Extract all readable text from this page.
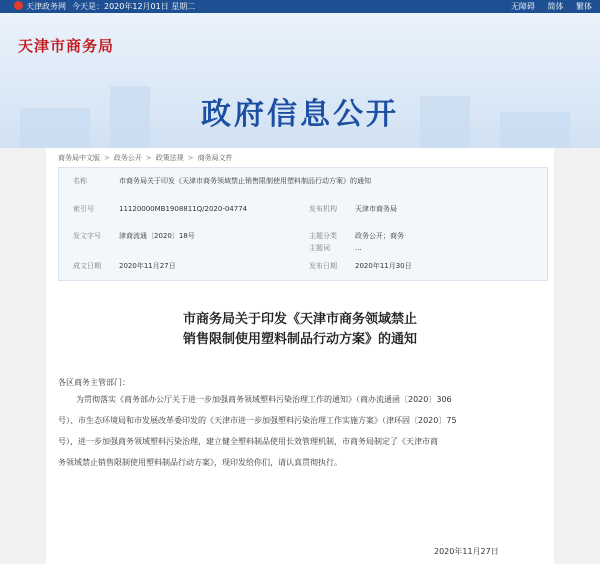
天津政务网 今天是：2020年12月01日 星期二	无障碍 简体 繁体
天津市商务局
政府信息公开
商务局中文版 > 政务公开 > 政策法规 > 商务局文件
名称	市商务局关于印发《天津市商务领域禁止销售限制使用塑料制品行动方案》的通知
索引号	11120000MB1908811Q/2020-04774	发布机构	天津市商务局
发文字号	津商流通〔2020〕18号	主题分类	政务公开；商务
主题词	...
成文日期	2020年11月27日	发布日期	2020年11月30日
市商务局关于印发《天津市商务领域禁止
销售限制使用塑料制品行动方案》的通知
各区商务主管部门：
为贯彻落实《商务部办公厅关于进一步加强商务领域塑料污染治理工作的通知》（商办流通函〔2020〕306
号）、市生态环境局和市发展改革委印发的《天津市进一步加强塑料污染治理工作实施方案》（津环固〔2020〕75
号），进一步加强商务领域塑料污染治理，建立健全塑料制品使用长效管理机制，市商务局制定了《天津市商
务领域禁止销售限制使用塑料制品行动方案》，现印发给你们，请认真贯彻执行。
2020年11月27日
